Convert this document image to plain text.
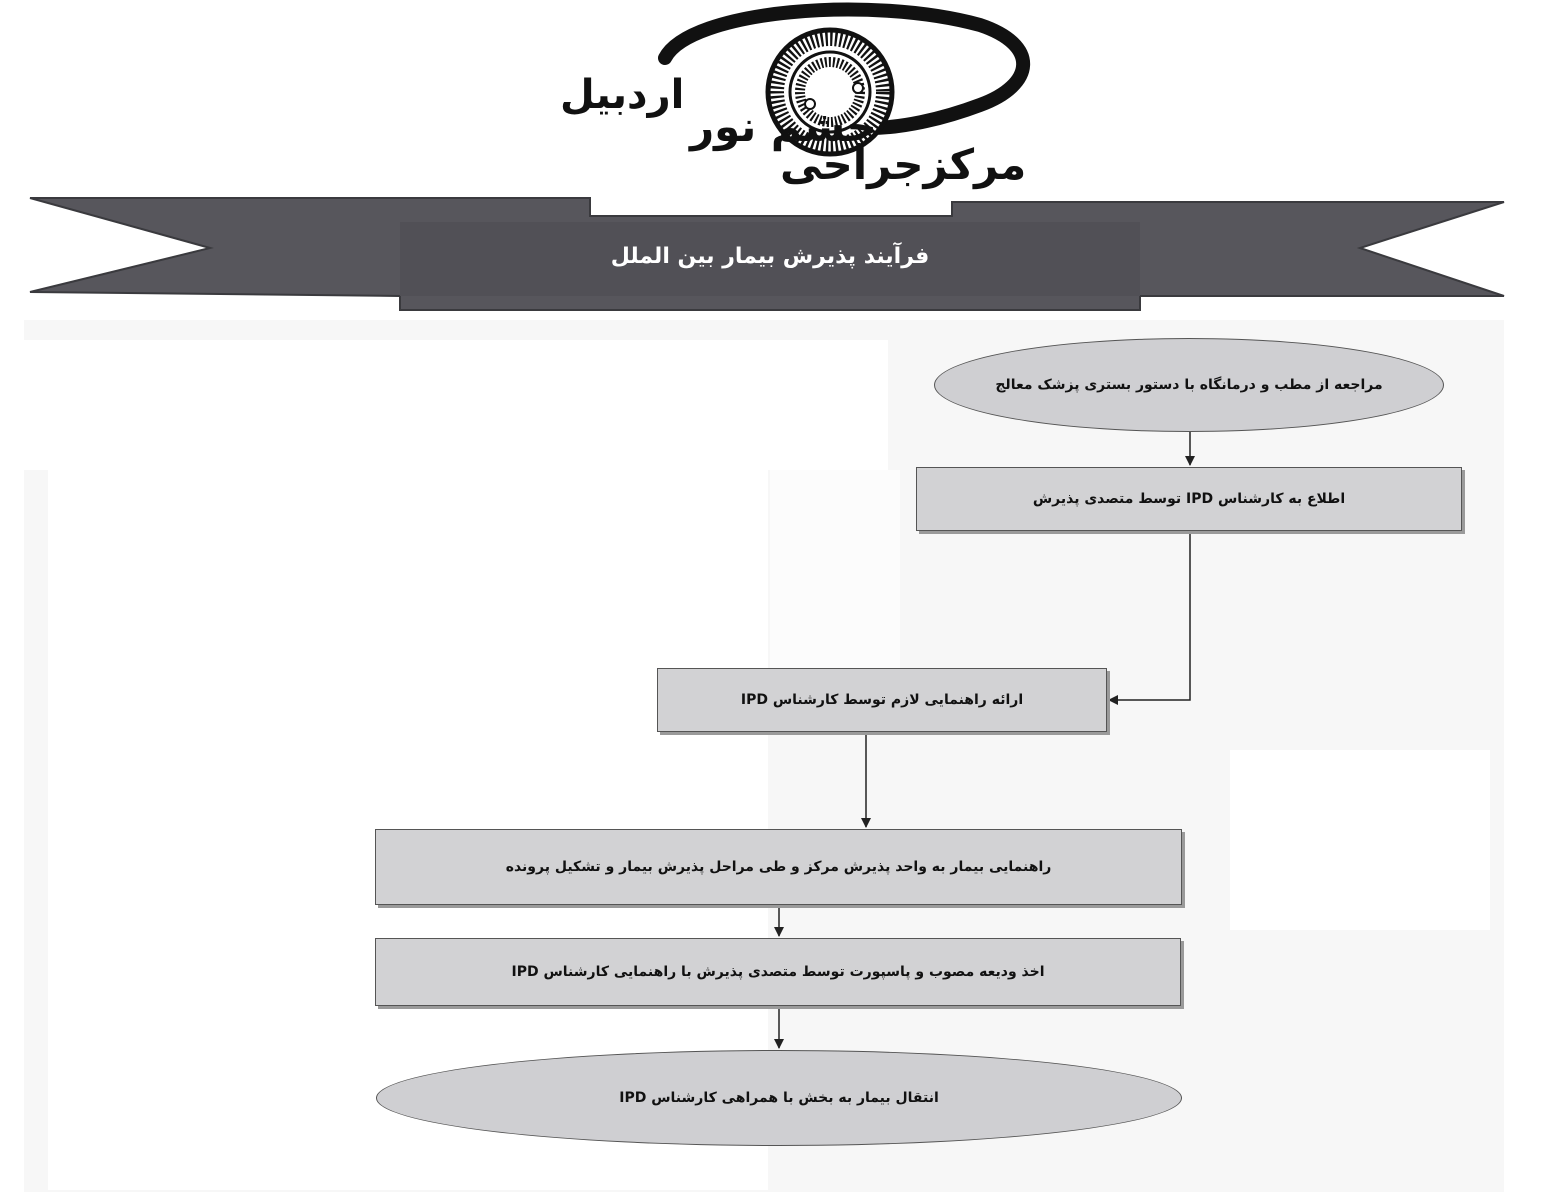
اردبیل
چشم نور
مرکزجراحی
فرآیند پذیرش بیمار بین الملل
مراجعه از مطب و درمانگاه با دستور بستری پزشک معالج
اطلاع به کارشناس IPD توسط متصدی پذیرش
ارائه راهنمایی لازم توسط کارشناس IPD
راهنمایی بیمار به واحد پذیرش مرکز و طی مراحل پذیرش بیمار و تشکیل پرونده
اخذ ودیعه مصوب و پاسپورت توسط متصدی پذیرش با راهنمایی کارشناس IPD
انتقال بیمار به بخش با همراهی کارشناس IPD
